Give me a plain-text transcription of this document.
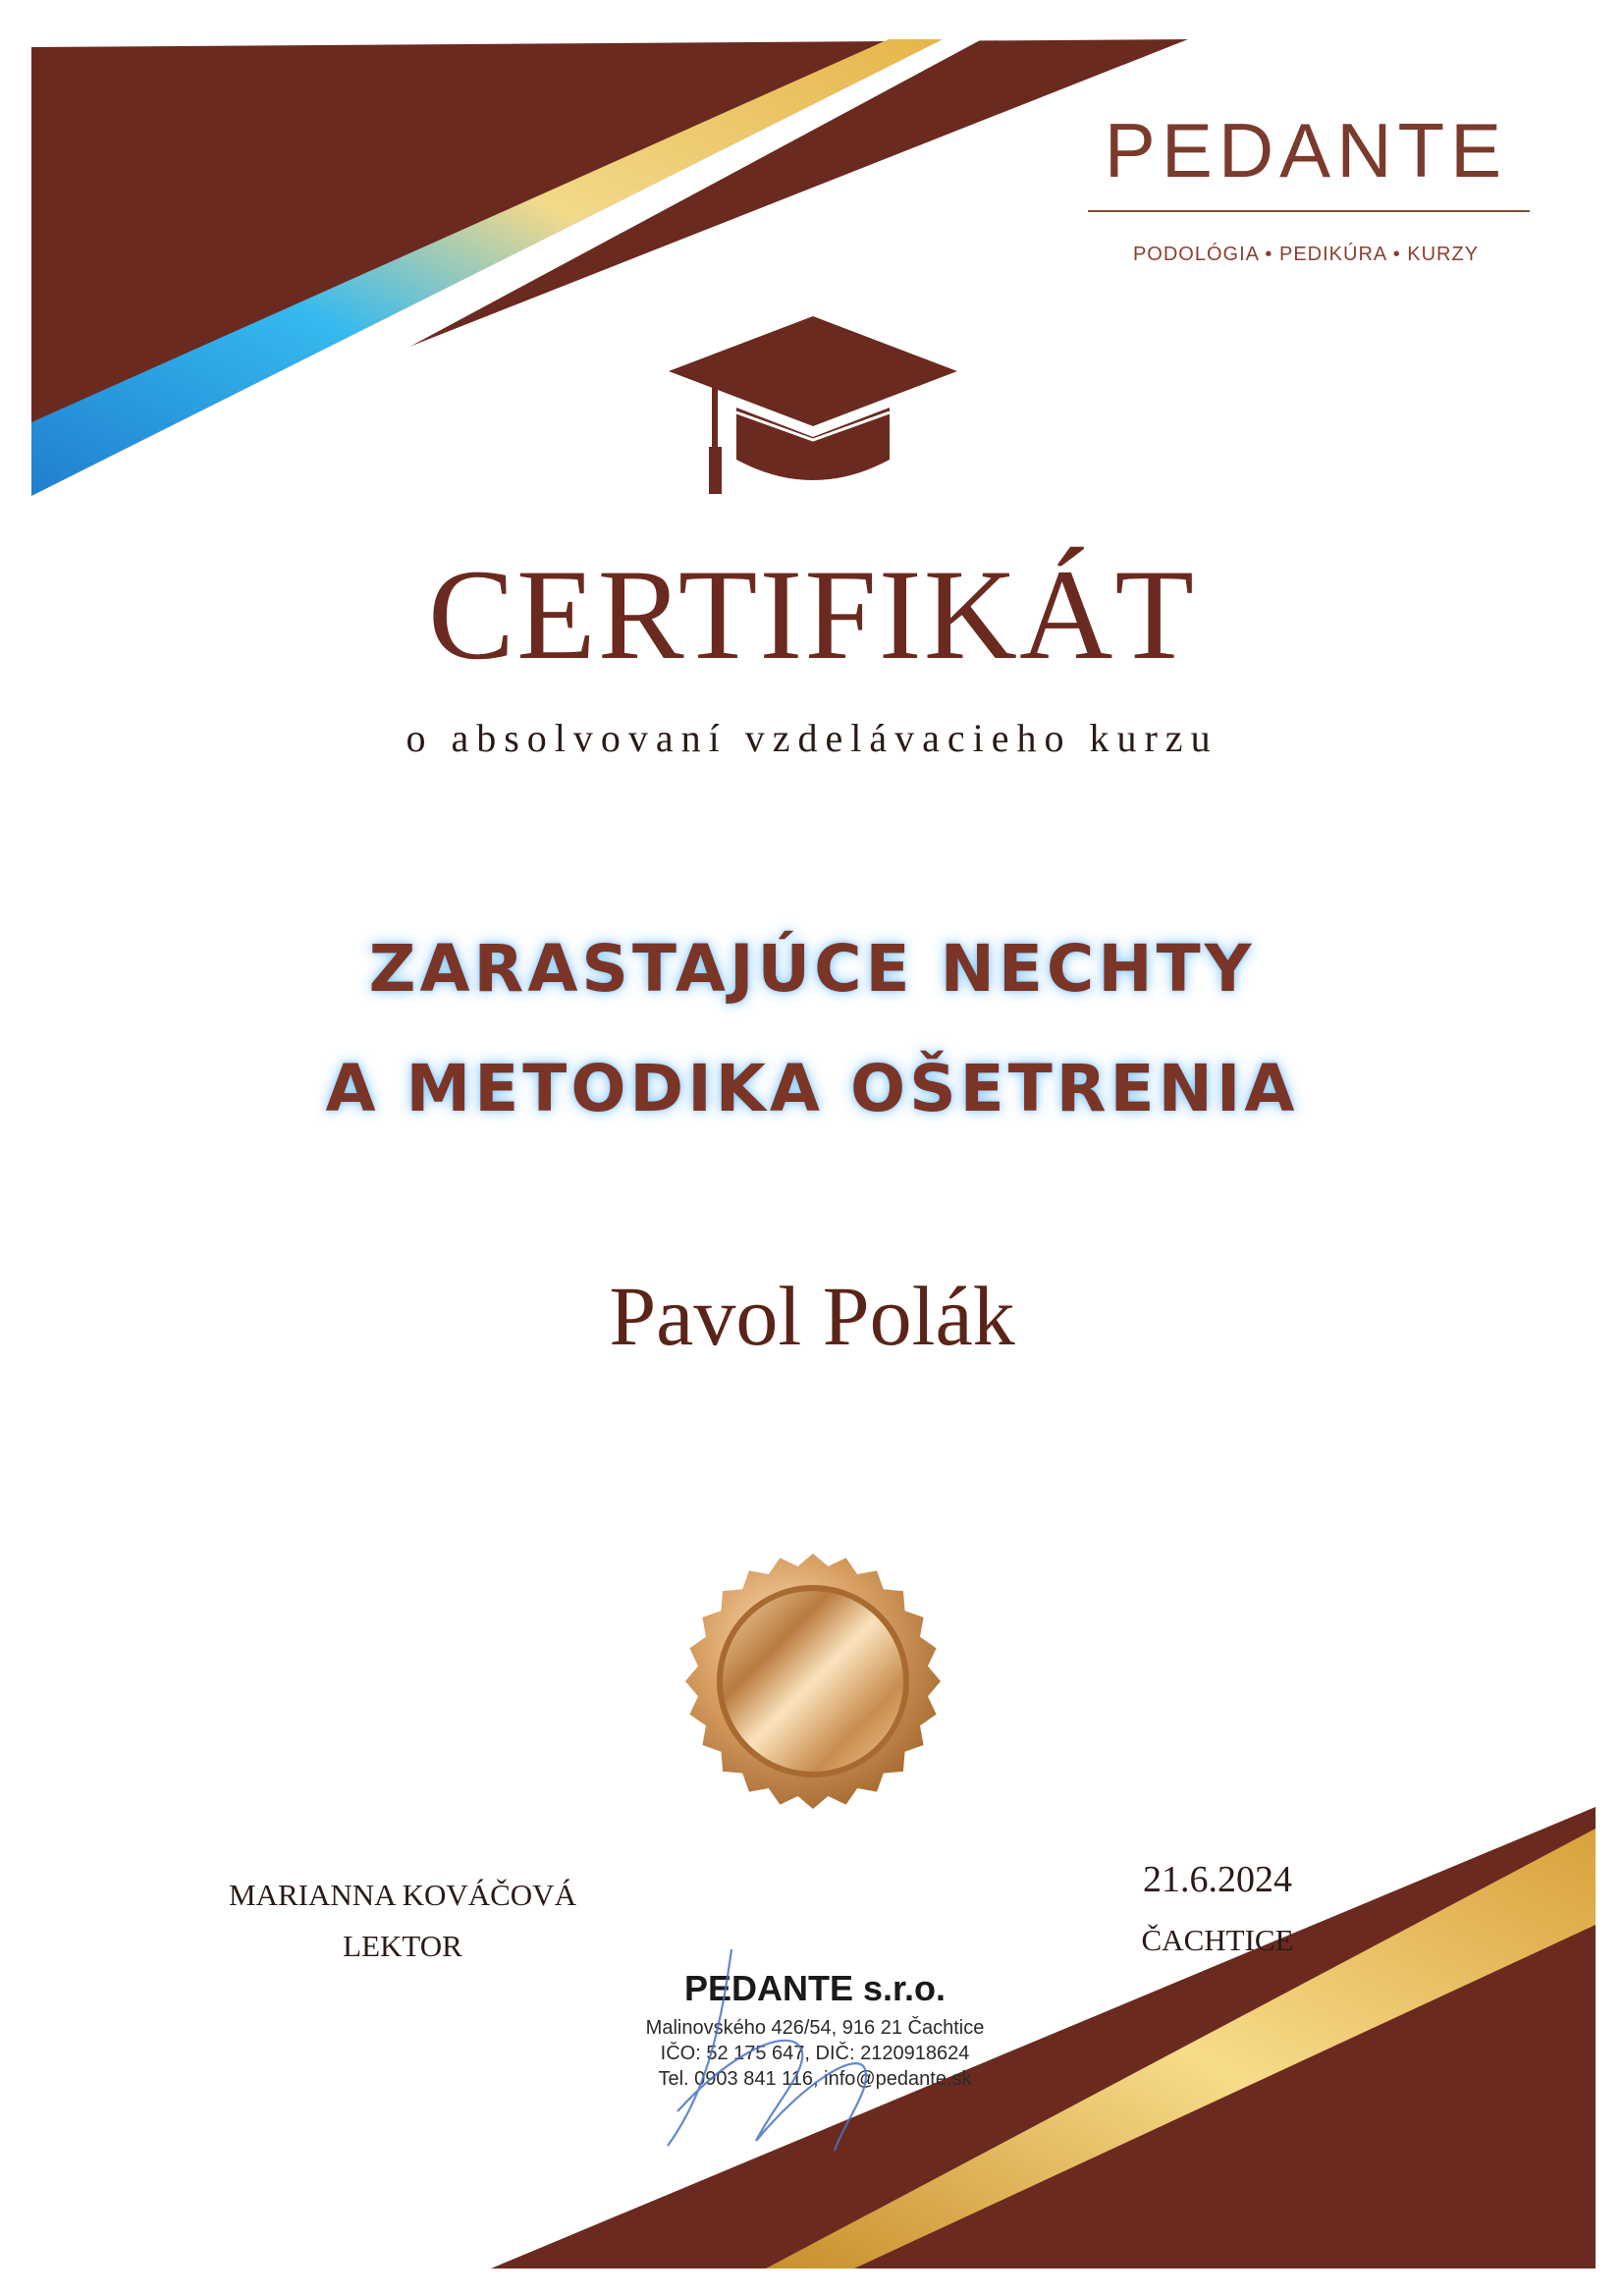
PEDANTE
PODOLÓGIA • PEDIKÚRA • KURZY
CERTIFIKÁT
o absolvovaní vzdelávacieho kurzu
ZARASTAJÚCE NECHTY
A METODIKA OŠETRENIA
Pavol Polák
MARIANNA KOVÁČOVÁ
LEKTOR
21.6.2024
ČACHTICE
PEDANTE s.r.o.
Malinovského 426/54, 916 21 Čachtice
IČO: 52 175 647, DIČ: 2120918624
Tel. 0903 841 116, info@pedante.sk
